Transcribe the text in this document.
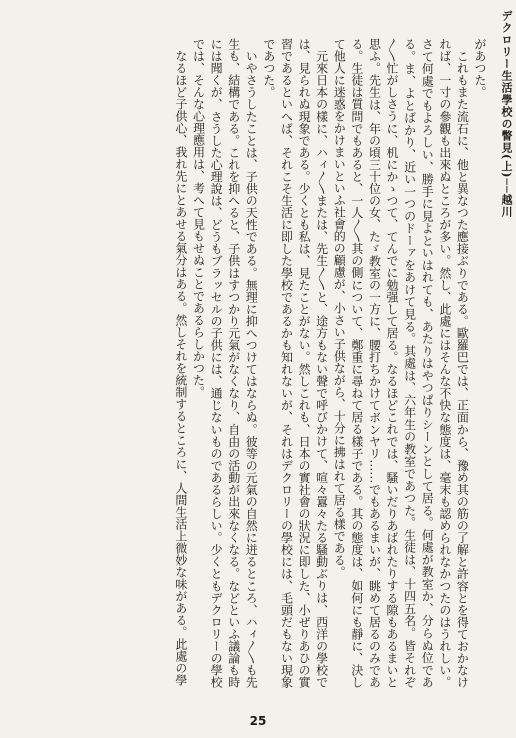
デクロリー生活學校の瞥見(上)──越川

があつた。

これもまた流石に、他と異なつた應接ぶりである。歐羅巴では、正面から、豫め其の筋の了解と許容とを得ておかなければ、一寸の參觀も出來ぬところが多い。然し、此處にはそんな不快な態度は、毫末も認められなかつたのはうれしい。さて何處でもよろしい、勝手に見よといはれても、あたりはやつぱりシーンとして居る。何處が教室か、分らぬ位である。ま、よとばかり、近い一つのドーァをあけて見る。其處は、六年生の教室であつた。生徒は、十四五名。皆それぞ〳〵忙がしさうに、机にかゝつて、てんでに勉强して居る。なるほどこれでは、騷いだりあばれたりする隙もあるまいと思ふ。先生は、年の頃三十位の女、たゞ教室の一方に、腰打ちかけてボンヤリ……でもあるまいが、眺めて居るのみである。生徒は質問でもあると、一人〳〵其の側について、鄭重に尋ねて居る樣子である。其の態度は、如何にも靜に、決して他人に迷惑をかけまいといふ社會的の顧慮が、小さい子供ながら、十分に拂はれて居る樣である。

元來日本の樣に、ハィ〳〵または、先生〳〵と、途方もない聲で呼びかけて、喧々囂々たる騷動ぶりは、西洋の學校では、見られぬ現象である。少くとも私は、見たことがない。然しこれも、日本の實社會の狀況に即した、小ぜりあひの實習であるといへば、それこそ生活に即した學校であるかも知れないが、それはデクロリーの學校には、毛頭だもない現象であつた。

いやさうしたことは、子供の天性である。無理に抑へつけてはならぬ。彼等の元氣の自然に迸るところ、ハィ〳〵も先生も、結構である。これを抑へると、子供はすつかり元氣がなくなり、自由の活動が出來なくなる。などといふ議論も時には聞くが、さうした心理說は、どうもブラッセルの子供には、通じないものであるらしい。少くともデクロリーの學校では、そんな心理應用は、考へて見もせぬことであるらしかつた。

なるほど子供心、我れ先にとあせる氣分はある。然しそれを統制するところに、人間生活上微妙な味がある。此處の學

25
